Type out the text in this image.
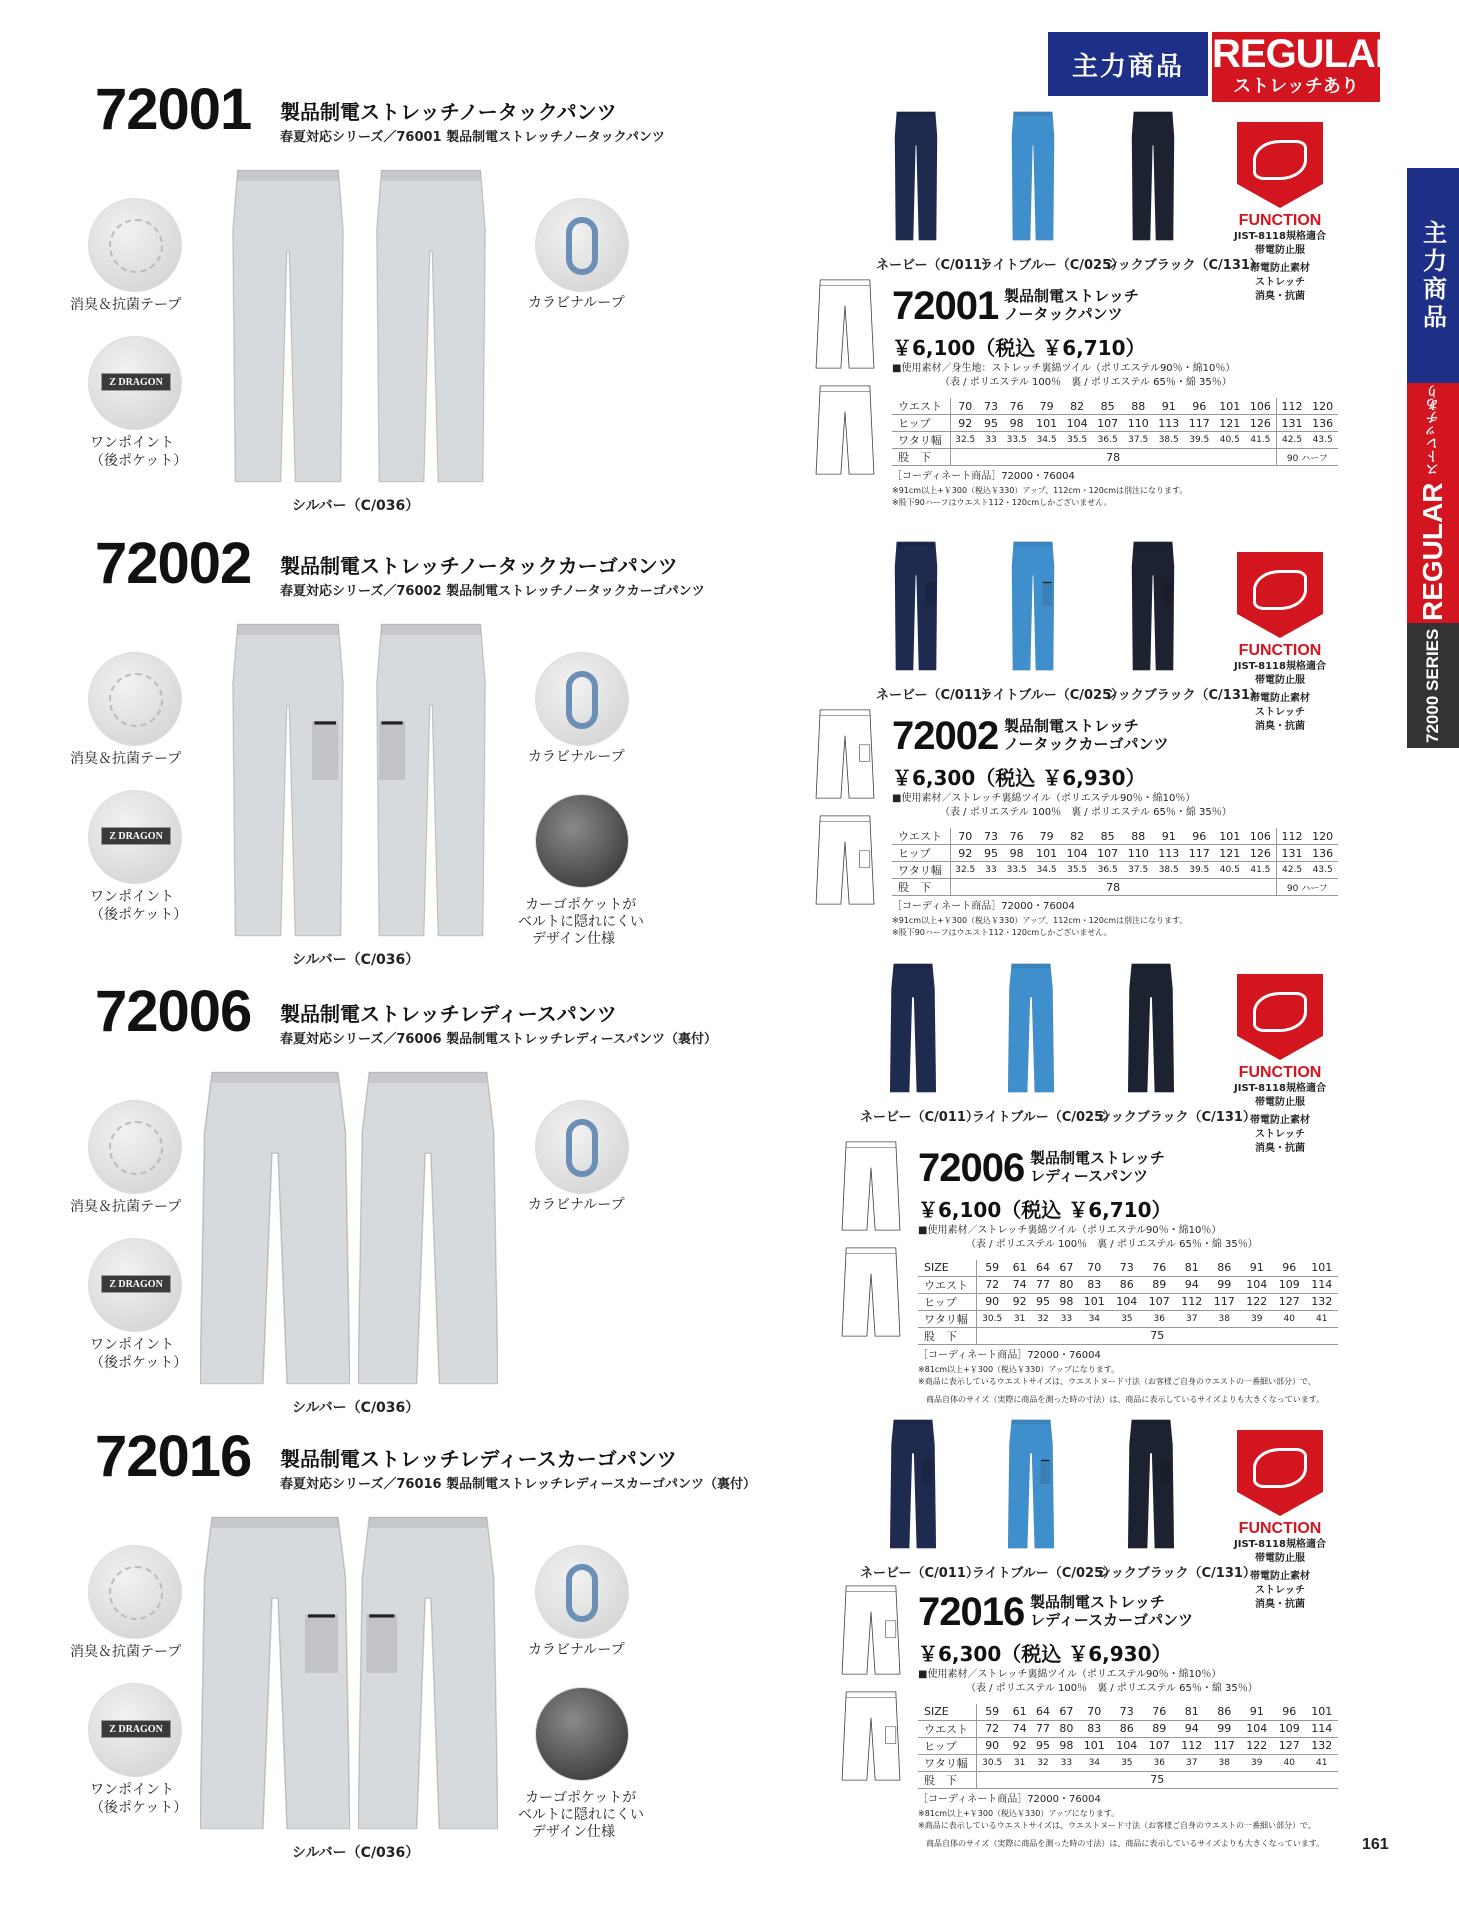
主力商品 REGULAR
ストレッチあり
主力商品
REGULAR
ストレッチあり
72000 SERIES
72001 製品制電ストレッチノータックパンツ
春夏対応シリーズ／76001 製品制電ストレッチノータックパンツ
消臭＆抗菌テープ
Z DRAGON
ワンポイント
（後ポケット）
カラビナループ
シルバー（C/036）
ネービー（C/011）
ライトブルー（C/025）
シックブラック（C/131）
FUNCTION
JIST-8118規格適合
帯電防止服
帯電防止素材
ストレッチ
消臭・抗菌
72001 製品制電ストレッチ
ノータックパンツ
￥6,100（税込 ￥6,710）
■使用素材／身生地：ストレッチ裏綿ツイル（ポリエステル90％・綿10％）
（表 / ポリエステル 100％　裏 / ポリエステル 65％・綿 35％）
ウエスト	70	73	76	79	82	85	88	91	96	101	106	112	120
ヒップ	92	95	98	101	104	107	110	113	117	121	126	131	136
ワタリ幅	32.5	33	33.5	34.5	35.5	36.5	37.5	38.5	39.5	40.5	41.5	42.5	43.5
股　下	78											90 ハーフ	
［コーディネート商品］72000・76004
※91cm以上+￥300（税込￥330）アップ、112cm・120cmは別注になります。
※股下90ハーフはウエスト112・120cmしかございません。
72002 製品制電ストレッチノータックカーゴパンツ
春夏対応シリーズ／76002 製品制電ストレッチノータックカーゴパンツ
消臭＆抗菌テープ
Z DRAGON
ワンポイント
（後ポケット）
カラビナループ
カーゴポケットが
ベルトに隠れにくい
デザイン仕様
シルバー（C/036）
ネービー（C/011）
ライトブルー（C/025）
シックブラック（C/131）
FUNCTION
JIST-8118規格適合
帯電防止服
帯電防止素材
ストレッチ
消臭・抗菌
72002 製品制電ストレッチ
ノータックカーゴパンツ
￥6,300（税込 ￥6,930）
■使用素材／ストレッチ裏綿ツイル（ポリエステル90％・綿10％）
（表 / ポリエステル 100％　裏 / ポリエステル 65％・綿 35％）
ウエスト	70	73	76	79	82	85	88	91	96	101	106	112	120
ヒップ	92	95	98	101	104	107	110	113	117	121	126	131	136
ワタリ幅	32.5	33	33.5	34.5	35.5	36.5	37.5	38.5	39.5	40.5	41.5	42.5	43.5
股　下	78											90 ハーフ	
［コーディネート商品］72000・76004
※91cm以上+￥300（税込￥330）アップ、112cm・120cmは別注になります。
※股下90ハーフはウエスト112・120cmしかございません。
72006 製品制電ストレッチレディースパンツ
春夏対応シリーズ／76006 製品制電ストレッチレディースパンツ（裏付）
消臭＆抗菌テープ
Z DRAGON
ワンポイント
（後ポケット）
カラビナループ
シルバー（C/036）
ネービー（C/011）
ライトブルー（C/025）
シックブラック（C/131）
FUNCTION
JIST-8118規格適合
帯電防止服
帯電防止素材
ストレッチ
消臭・抗菌
72006 製品制電ストレッチ
レディースパンツ
￥6,100（税込 ￥6,710）
■使用素材／ストレッチ裏綿ツイル（ポリエステル90％・綿10％）
（表 / ポリエステル 100％　裏 / ポリエステル 65％・綿 35％）
SIZE	59	61	64	67	70	73	76	81	86	91	96	101
ウエスト	72	74	77	80	83	86	89	94	99	104	109	114
ヒップ	90	92	95	98	101	104	107	112	117	122	127	132
ワタリ幅	30.5	31	32	33	34	35	36	37	38	39	40	41
股　下	75											
［コーディネート商品］72000・76004
※81cm以上+￥300（税込￥330）アップになります。
※商品に表示しているウエストサイズは、ウエストヌード寸法（お客様ご自身のウエストの一番細い部分）で、
商品自体のサイズ（実際に商品を測った時の寸法）は、商品に表示しているサイズよりも大きくなっています。
72016 製品制電ストレッチレディースカーゴパンツ
春夏対応シリーズ／76016 製品制電ストレッチレディースカーゴパンツ（裏付）
消臭＆抗菌テープ
Z DRAGON
ワンポイント
（後ポケット）
カラビナループ
カーゴポケットが
ベルトに隠れにくい
デザイン仕様
シルバー（C/036）
ネービー（C/011）
ライトブルー（C/025）
シックブラック（C/131）
FUNCTION
JIST-8118規格適合
帯電防止服
帯電防止素材
ストレッチ
消臭・抗菌
72016 製品制電ストレッチ
レディースカーゴパンツ
￥6,300（税込 ￥6,930）
■使用素材／ストレッチ裏綿ツイル（ポリエステル90％・綿10％）
（表 / ポリエステル 100％　裏 / ポリエステル 65％・綿 35％）
SIZE	59	61	64	67	70	73	76	81	86	91	96	101
ウエスト	72	74	77	80	83	86	89	94	99	104	109	114
ヒップ	90	92	95	98	101	104	107	112	117	122	127	132
ワタリ幅	30.5	31	32	33	34	35	36	37	38	39	40	41
股　下	75											
［コーディネート商品］72000・76004
※81cm以上+￥300（税込￥330）アップになります。
※商品に表示しているウエストサイズは、ウエストヌード寸法（お客様ご自身のウエストの一番細い部分）で、
商品自体のサイズ（実際に商品を測った時の寸法）は、商品に表示しているサイズよりも大きくなっています。 161
